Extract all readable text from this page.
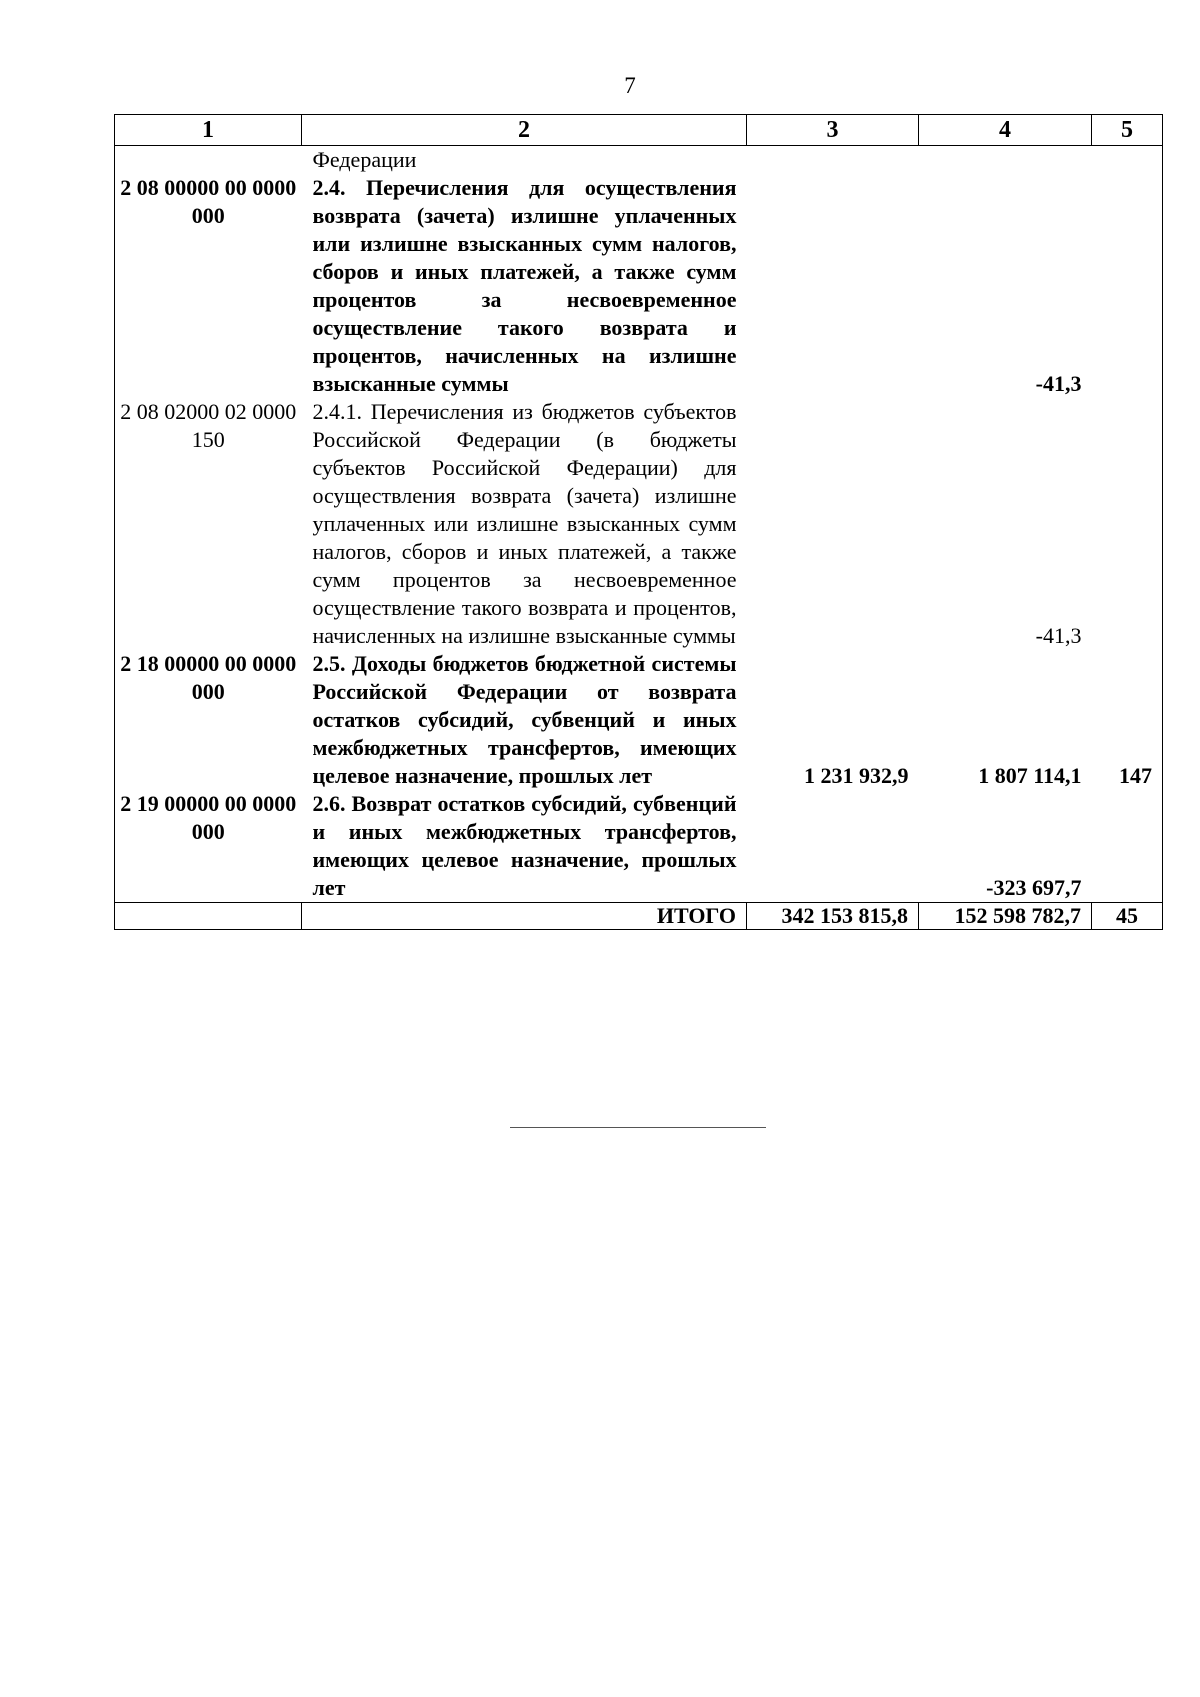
7
1	2	3	4	5
	Федерации			
2 08 00000 00 0000 000	2.4. Перечисления для осуществления возврата (зачета) излишне уплаченных или излишне взысканных сумм налогов, сборов и иных платежей, а также сумм процентов за несвоевременное осуществление такого возврата и процентов, начисленных на излишне взысканные суммы		-41,3	
2 08 02000 02 0000 150	2.4.1. Перечисления из бюджетов субъектов Российской Федерации (в бюджеты субъектов Российской Федерации) для осуществления возврата (зачета) излишне уплаченных или излишне взысканных сумм налогов, сборов и иных платежей, а также сумм процентов за несвоевременное осуществление такого возврата и процентов, начисленных на излишне взысканные суммы		-41,3	
2 18 00000 00 0000 000	2.5. Доходы бюджетов бюджетной системы Российской Федерации от возврата остатков субсидий, субвенций и иных межбюджетных трансфертов, имеющих целевое назначение, прошлых лет	1 231 932,9	1 807 114,1	147
2 19 00000 00 0000 000	2.6. Возврат остатков субсидий, субвенций и иных межбюджетных трансфертов, имеющих целевое назначение, прошлых лет		-323 697,7	
	ИТОГО	342 153 815,8	152 598 782,7	45
